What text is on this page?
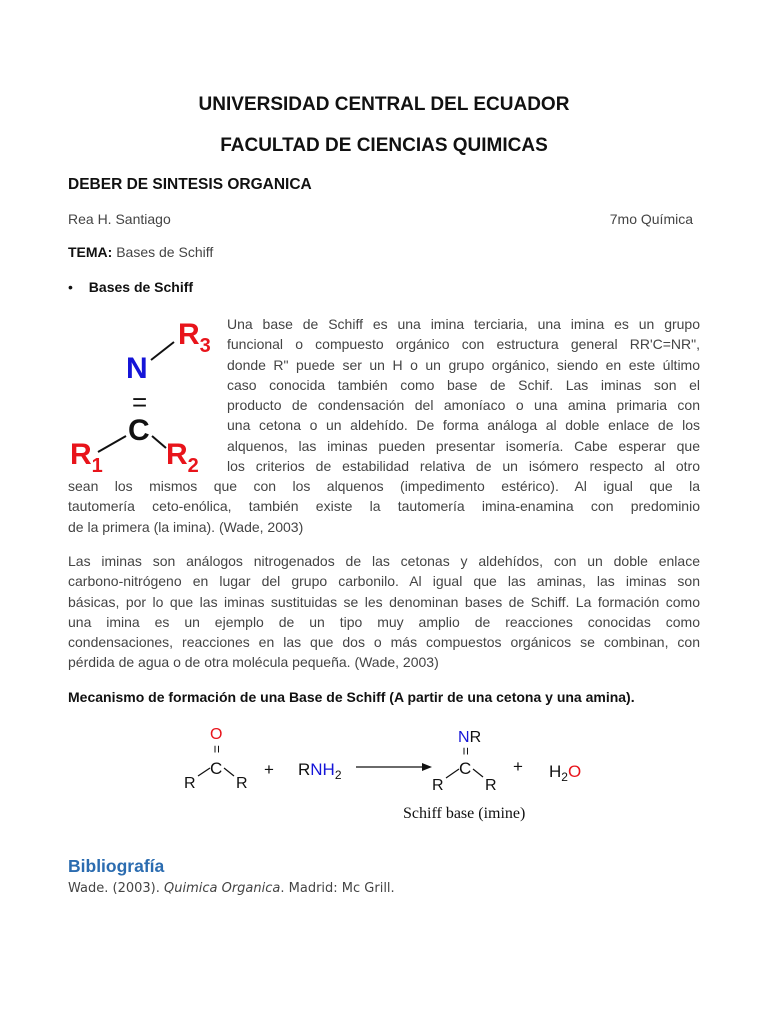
UNIVERSIDAD CENTRAL DEL ECUADOR
FACULTAD DE CIENCIAS QUIMICAS
DEBER DE SINTESIS ORGANICA
Rea H. Santiago	7mo Química
TEMA: Bases de Schiff
• Bases de Schiff
$R_3$
N
=
C
$R_1$ $R_2$
Una base de Schiff es una imina terciaria, una imina es un grupo
funcional o compuesto orgánico con estructura general RR'C=NR",
donde R" puede ser un H o un grupo orgánico, siendo en este último
caso conocida también como base de Schif. Las iminas son el
producto de condensación del amoníaco o una amina primaria con
una cetona o un aldehído. De forma análoga al doble enlace de los
alquenos, las iminas pueden presentar isomería. Cabe esperar que
los criterios de estabilidad relativa de un isómero respecto al otro
sean los mismos que con los alquenos (impedimento estérico). Al igual que la
tautomería ceto-enólica, también existe la tautomería imina-enamina con predominio
de la primera (la imina). (Wade, 2003)
Las iminas son análogos nitrogenados de las cetonas y aldehídos, con un doble enlace
carbono-nitrógeno en lugar del grupo carbonilo. Al igual que las aminas, las iminas son
básicas, por lo que las iminas sustituidas se les denominan bases de Schiff. La formación como
una imina es un ejemplo de un tipo muy amplio de reacciones conocidas como
condensaciones, reacciones en las que dos o más compuestos orgánicos se combinan, con
pérdida de agua o de otra molécula pequeña. (Wade, 2003)
Mecanismo de formación de una Base de Schiff (A partir de una cetona y una amina).
O
=
C
R	R
+ $RNH_2$
NR
=
C
R	R
+ $H_2O$
Schiff base (imine)
Bibliografía
Wade. (2003). Quimica Organica. Madrid: Mc Grill.
